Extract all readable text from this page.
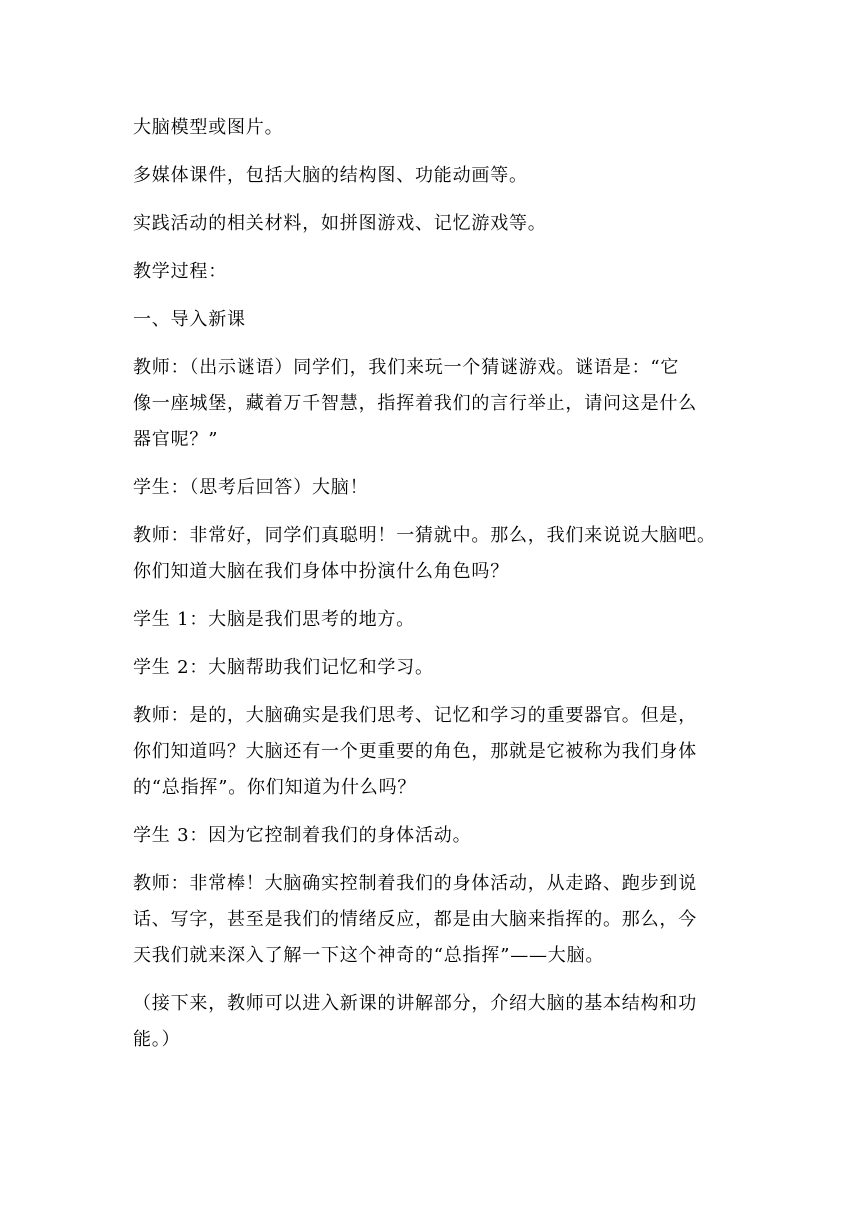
大脑模型或图片。
多媒体课件，包括大脑的结构图、功能动画等。
实践活动的相关材料，如拼图游戏、记忆游戏等。
教学过程：
一、导入新课
教师：（出示谜语）同学们，我们来玩一个猜谜游戏。谜语是：“它
像一座城堡，藏着万千智慧，指挥着我们的言行举止，请问这是什么
器官呢？”
学生：（思考后回答）大脑！
教师：非常好，同学们真聪明！一猜就中。那么，我们来说说大脑吧。
你们知道大脑在我们身体中扮演什么角色吗？
学生 1：大脑是我们思考的地方。
学生 2：大脑帮助我们记忆和学习。
教师：是的，大脑确实是我们思考、记忆和学习的重要器官。但是，
你们知道吗？大脑还有一个更重要的角色，那就是它被称为我们身体
的“总指挥”。你们知道为什么吗？
学生 3：因为它控制着我们的身体活动。
教师：非常棒！大脑确实控制着我们的身体活动，从走路、跑步到说
话、写字，甚至是我们的情绪反应，都是由大脑来指挥的。那么，今
天我们就来深入了解一下这个神奇的“总指挥”——大脑。
（接下来，教师可以进入新课的讲解部分，介绍大脑的基本结构和功
能。）
